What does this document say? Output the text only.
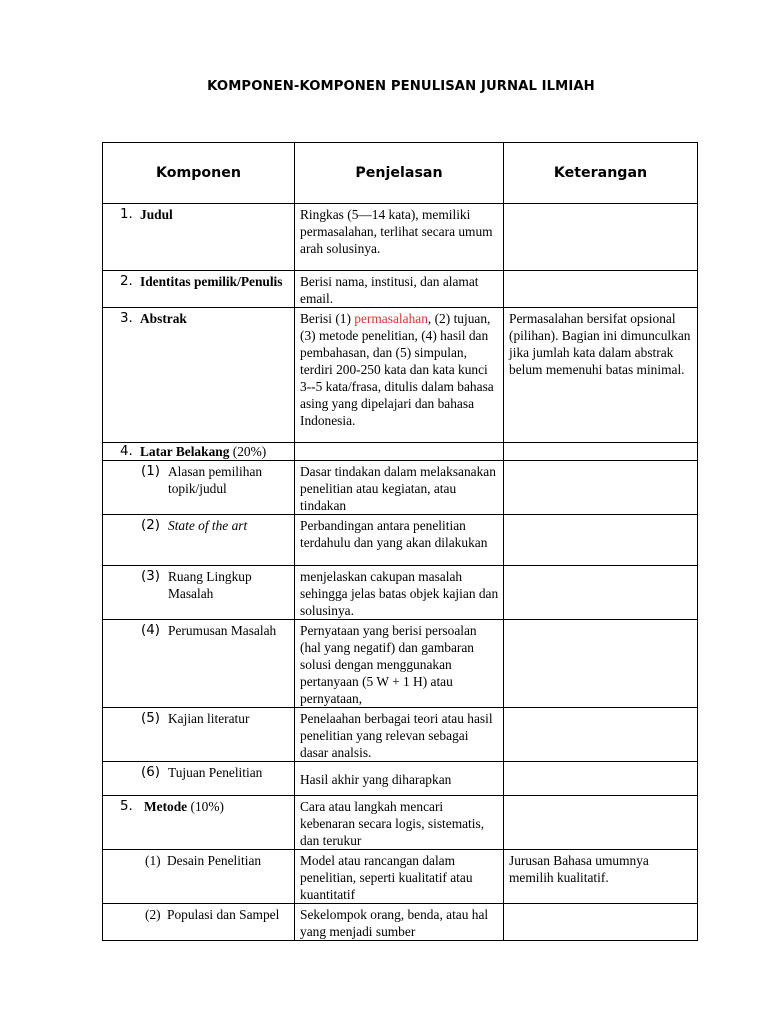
KOMPONEN-KOMPONEN PENULISAN JURNAL ILMIAH
Komponen	Penjelasan	Keterangan

1. Judul	Ringkas (5—14 kata), memiliki permasalahan, terlihat secara umum arah solusinya.	

2. Identitas pemilik/Penulis	Berisi nama, institusi, dan alamat email.	

3. Abstrak	Berisi (1) permasalahan, (2) tujuan, (3) metode penelitian, (4) hasil dan pembahasan, dan (5) simpulan, terdiri 200-250 kata dan kata kunci 3--5 kata/frasa, ditulis dalam bahasa asing yang dipelajari dan bahasa Indonesia.	Permasalahan bersifat opsional (pilihan). Bagian ini dimunculkan jika jumlah kata dalam abstrak belum memenuhi batas minimal.

4. Latar Belakang (20%)		

(1) Alasan pemilihan topik/judul	Dasar tindakan dalam melaksanakan penelitian atau kegiatan, atau tindakan	

(2) State of the art	Perbandingan antara penelitian terdahulu dan yang akan dilakukan	

(3) Ruang Lingkup Masalah	menjelaskan cakupan masalah sehingga jelas batas objek kajian dan solusinya.	

(4) Perumusan Masalah	Pernyataan yang berisi persoalan (hal yang negatif) dan gambaran solusi dengan menggunakan pertanyaan (5 W + 1 H) atau pernyataan,	

(5) Kajian literatur	Penelaahan berbagai teori atau hasil penelitian yang relevan sebagai dasar analsis.	

(6) Tujuan Penelitian	Hasil akhir yang diharapkan	

5. Metode (10%)	Cara atau langkah mencari kebenaran secara logis, sistematis, dan terukur	

(1) Desain Penelitian	Model atau rancangan dalam penelitian, seperti kualitatif atau kuantitatif	Jurusan Bahasa umumnya memilih kualitatif.

(2) Populasi dan Sampel	Sekelompok orang, benda, atau hal yang menjadi sumber	
